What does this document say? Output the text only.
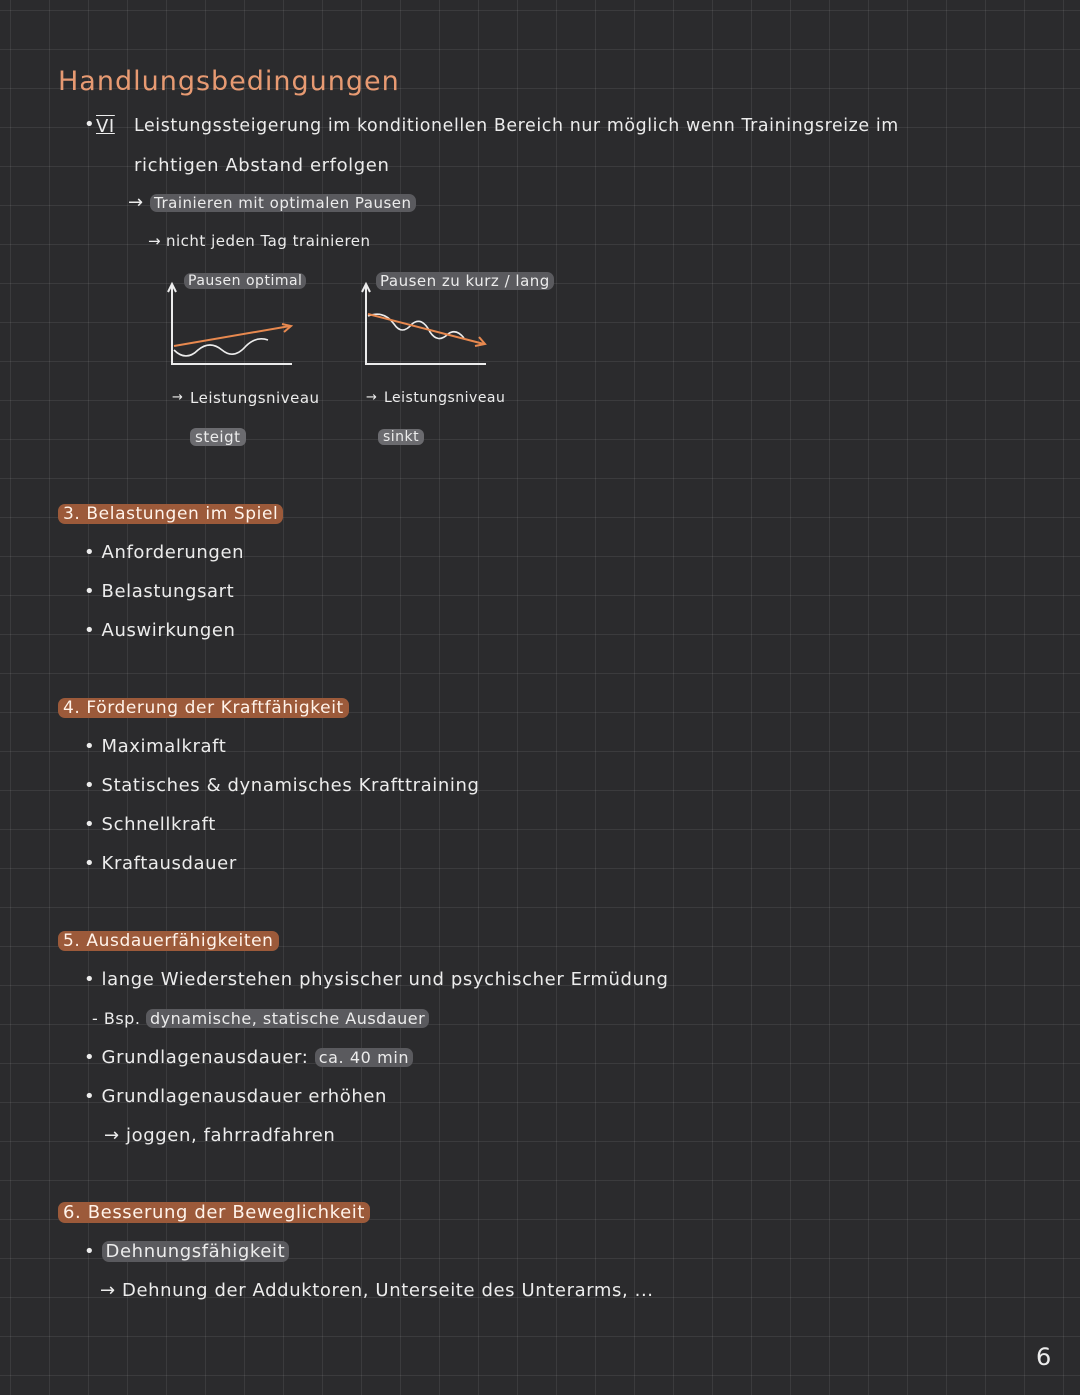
Handlungsbedingungen
• VI Leistungssteigerung im konditionellen Bereich nur möglich wenn Trainingsreize im
richtigen Abstand erfolgen
→ Trainieren mit optimalen Pausen
→ nicht jeden Tag trainieren
Pausen optimal
→ Leistungsniveau
steigt
Pausen zu kurz / lang
→ Leistungsniveau
sinkt
3. Belastungen im Spiel
• Anforderungen
• Belastungsart
• Auswirkungen
4. Förderung der Kraftfähigkeit
• Maximalkraft
• Statisches & dynamisches Krafttraining
• Schnellkraft
• Kraftausdauer
5. Ausdauerfähigkeiten
• lange Wiederstehen physischer und psychischer Ermüdung
- Bsp. dynamische, statische Ausdauer
• Grundlagenausdauer: ca. 40 min
• Grundlagenausdauer erhöhen
→ joggen, fahrradfahren
6. Besserung der Beweglichkeit
• Dehnungsfähigkeit
→ Dehnung der Adduktoren, Unterseite des Unterarms, ...
6
